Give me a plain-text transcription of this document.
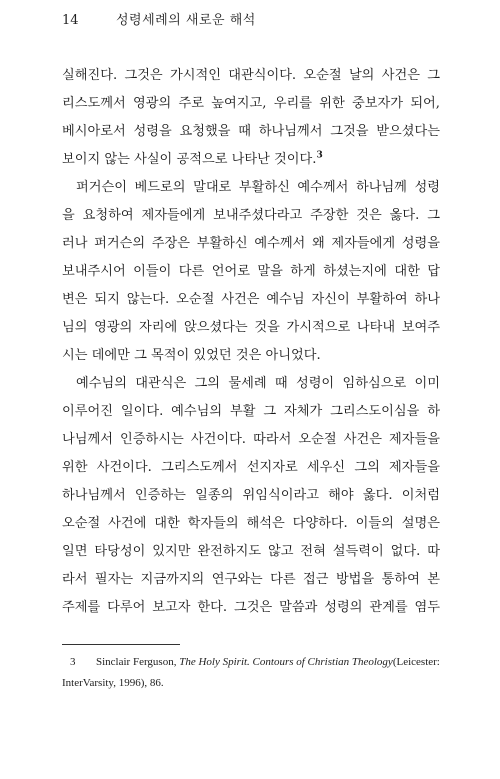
14	성령세례의 새로운 해석
실해진다. 그것은 가시적인 대관식이다. 오순절 날의 사건은 그
리스도께서 영광의 주로 높여지고, 우리를 위한 중보자가 되어,
베시아로서 성령을 요청했을 때 하나님께서 그것을 받으셨다는
보이지 않는 사실이 공적으로 나타난 것이다.$^3$
퍼거슨이 베드로의 말대로 부활하신 예수께서 하나님께 성령
을 요청하여 제자들에게 보내주셨다라고 주장한 것은 옳다. 그
러나 퍼거슨의 주장은 부활하신 예수께서 왜 제자들에게 성령을
보내주시어 이들이 다른 언어로 말을 하게 하셨는지에 대한 답
변은 되지 않는다. 오순절 사건은 예수님 자신이 부활하여 하나
님의 영광의 자리에 앉으셨다는 것을 가시적으로 나타내 보여주
시는 데에만 그 목적이 있었던 것은 아니었다.
예수님의 대관식은 그의 물세례 때 성령이 임하심으로 이미
이루어진 일이다. 예수님의 부활 그 자체가 그리스도이심을 하
나님께서 인증하시는 사건이다. 따라서 오순절 사건은 제자들을
위한 사건이다. 그리스도께서 선지자로 세우신 그의 제자들을
하나님께서 인증하는 일종의 위임식이라고 해야 옳다. 이처럼
오순절 사건에 대한 학자들의 해석은 다양하다. 이들의 설명은
일면 타당성이 있지만 완전하지도 않고 전혀 설득력이 없다. 따
라서 필자는 지금까지의 연구와는 다른 접근 방법을 통하여 본
주제를 다루어 보고자 한다. 그것은 말씀과 성령의 관계를 염두
3 Sinclair Ferguson, The Holy Spirit. Contours of Christian Theology(Leicester:
InterVarsity, 1996), 86.
